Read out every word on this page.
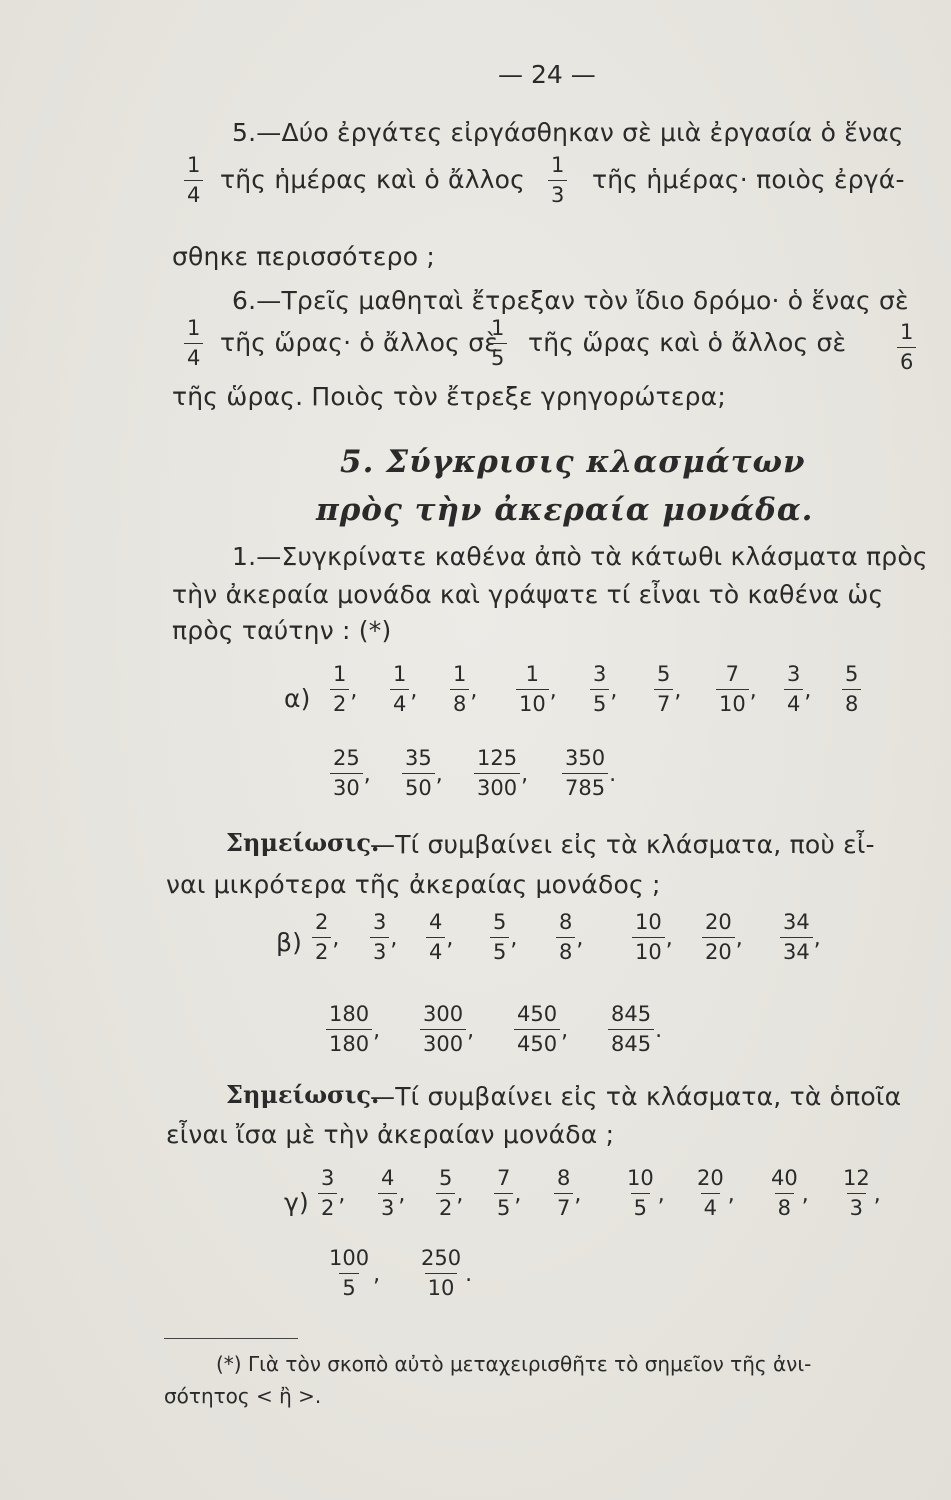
— 24 —
5.—Δύο ἐργάτες εἰργάσθηκαν σὲ μιὰ ἐργασία ὁ ἕνας
$\frac{1}{4}$ τῆς ἡμέρας καὶ ὁ ἄλλος $\frac{1}{3}$ τῆς ἡμέρας· ποιὸς ἐργά-
σθηκε περισσότερο ;
6.—Τρεῖς μαθηταὶ ἔτρεξαν τὸν ἴδιο δρόμο· ὁ ἕνας σὲ
$\frac{1}{4}$ τῆς ὥρας· ὁ ἄλλος σὲ
$\frac{1}{5}$ τῆς ὥρας καὶ ὁ ἄλλος σὲ $\frac{1}{6}$
τῆς ὥρας. Ποιὸς τὸν ἔτρεξε γρηγορώτερα;
5. Σύγκρισις κλασμάτων
πρὸς τὴν ἀκεραία μονάδα.
1.—Συγκρίνατε καθένα ἀπὸ τὰ κάτωθι κλάσματα πρὸς
τὴν ἀκεραία μονάδα καὶ γράψατε τί εἶναι τὸ καθένα ὡς
πρὸς ταύτην : (*)
α)
Σημείωσις.
—Τί συμβαίνει εἰς τὰ κλάσματα, ποὺ εἶ-
ναι μικρότερα τῆς ἀκεραίας μονάδος ;
β)
Σημείωσις.
—Τί συμβαίνει εἰς τὰ κλάσματα, τὰ ὁποῖα
εἶναι ἴσα μὲ τὴν ἀκεραίαν μονάδα ;
γ)
(*) Γιὰ τὸν σκοπὸ αὐτὸ μεταχειρισθῆτε τὸ σημεῖον τῆς ἀνι-
σότητος < ἢ >.
$\frac{1}{2}$ , $\frac{1}{4}$ , $\frac{1}{8}$ , $\frac{1}{10}$ , $\frac{3}{5}$ , $\frac{5}{7}$ , $\frac{7}{10}$ , $\frac{3}{4}$ , $\frac{5}{8}$
$\frac{25}{30}$ , $\frac{35}{50}$ , $\frac{125}{300}$ , $\frac{350}{785}$ .
$\frac{2}{2}$ , $\frac{3}{3}$ , $\frac{4}{4}$ , $\frac{5}{5}$ , $\frac{8}{8}$ , $\frac{10}{10}$ , $\frac{20}{20}$ , $\frac{34}{34}$ ,
$\frac{180}{180}$ , $\frac{300}{300}$ , $\frac{450}{450}$ , $\frac{845}{845}$ .
$\frac{3}{2}$ , $\frac{4}{3}$ , $\frac{5}{2}$ , $\frac{7}{5}$ , $\frac{8}{7}$ , $\frac{10}{5}$ , $\frac{20}{4}$ , $\frac{40}{8}$ , $\frac{12}{3}$ ,
$\frac{100}{5}$ , $\frac{250}{10}$ .
